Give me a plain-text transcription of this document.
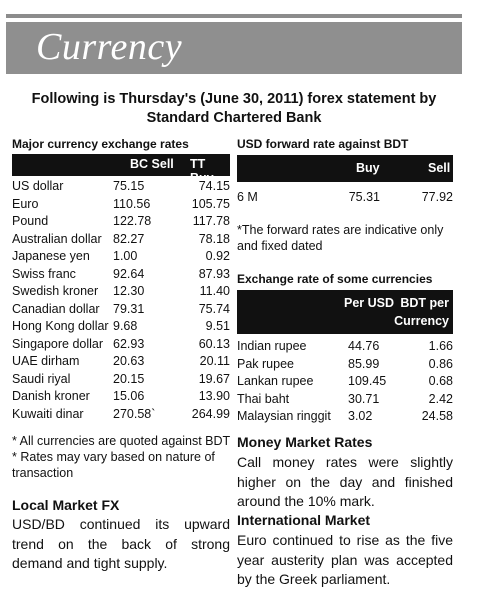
Currency
Following is Thursday's (June 30, 2011) forex statement by Standard Chartered Bank
Major currency exchange rates
BC Sell TT Buy
US dollar	75.15	74.15
Euro	110.56	105.75
Pound	122.78	117.78
Australian dollar 82.27	78.18
Japanese yen 1.00	0.92
Swiss franc	92.64	87.93
Swedish kroner 12.30	11.40
Canadian dollar 79.31	75.74
Hong Kong dollar 9.68	9.51
Singapore dollar 62.93	60.13
UAE dirham	20.63	20.11
Saudi riyal	20.15	19.67
Danish kroner 15.06	13.90
Kuwaiti dinar 270.58`	264.99
* All currencies are quoted against BDT
* Rates may vary based on nature of transaction
USD forward rate against BDT
Buy	Sell
6 M	75.31	77.92
*The forward rates are indicative only and fixed dated
Exchange rate of some currencies
Per USD BDT per
Currency
Indian rupee	44.76	1.66
Pak rupee	85.99	0.86
Lankan rupee	109.45	0.68
Thai baht	30.71	2.42
Malaysian ringgit 3.02	24.58
Local Market FX
USD/BD continued its upward trend on the back of strong demand and tight supply.
Money Market Rates
Call money rates were slightly higher on the day and finished around the 10% mark.
International Market
Euro continued to rise as the five year austerity plan was accepted by the Greek parliament.
